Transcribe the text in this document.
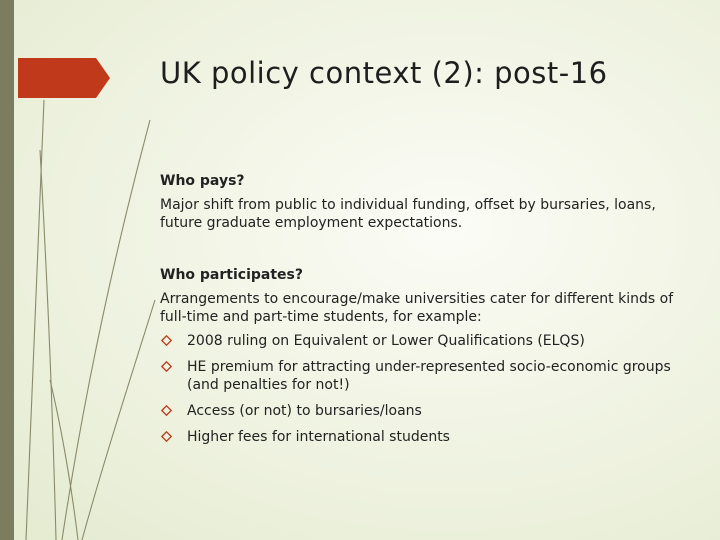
UK policy context (2): post-16

Who pays?

Major shift from public to individual funding, offset by bursaries, loans, future graduate employment expectations.

Who participates?

Arrangements to encourage/make universities cater for different kinds of full-time and part-time students, for example:

2008 ruling on Equivalent or Lower Qualifications (ELQS)
HE premium for attracting under-represented socio-economic groups (and penalties for not!)
Access (or not) to bursaries/loans
Higher fees for international students
